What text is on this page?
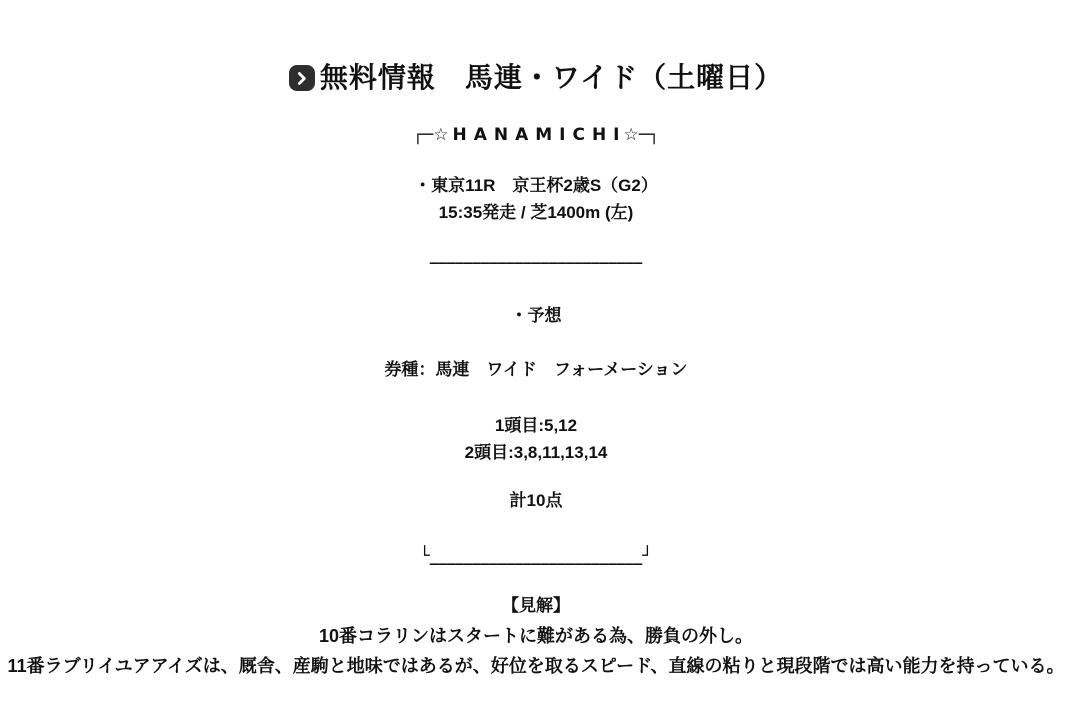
無料情報　馬連・ワイド（土曜日）
┌─☆ HANAMICHI☆─┐
・東京11R　京王杯2歳S（G2）
15:35発走 / 芝1400m (左)
_________________________
・予想
券種：馬連　ワイド　フォーメーション
1頭目:5,12
2頭目:3,8,11,13,14
計10点
└_________________________┘
【見解】
10番コラリンはスタートに難がある為、勝負の外し。
11番ラブリイユアアイズは、厩舎、産駒と地味ではあるが、好位を取るスピード、直線の粘りと現段階では高い能力を持っている。
